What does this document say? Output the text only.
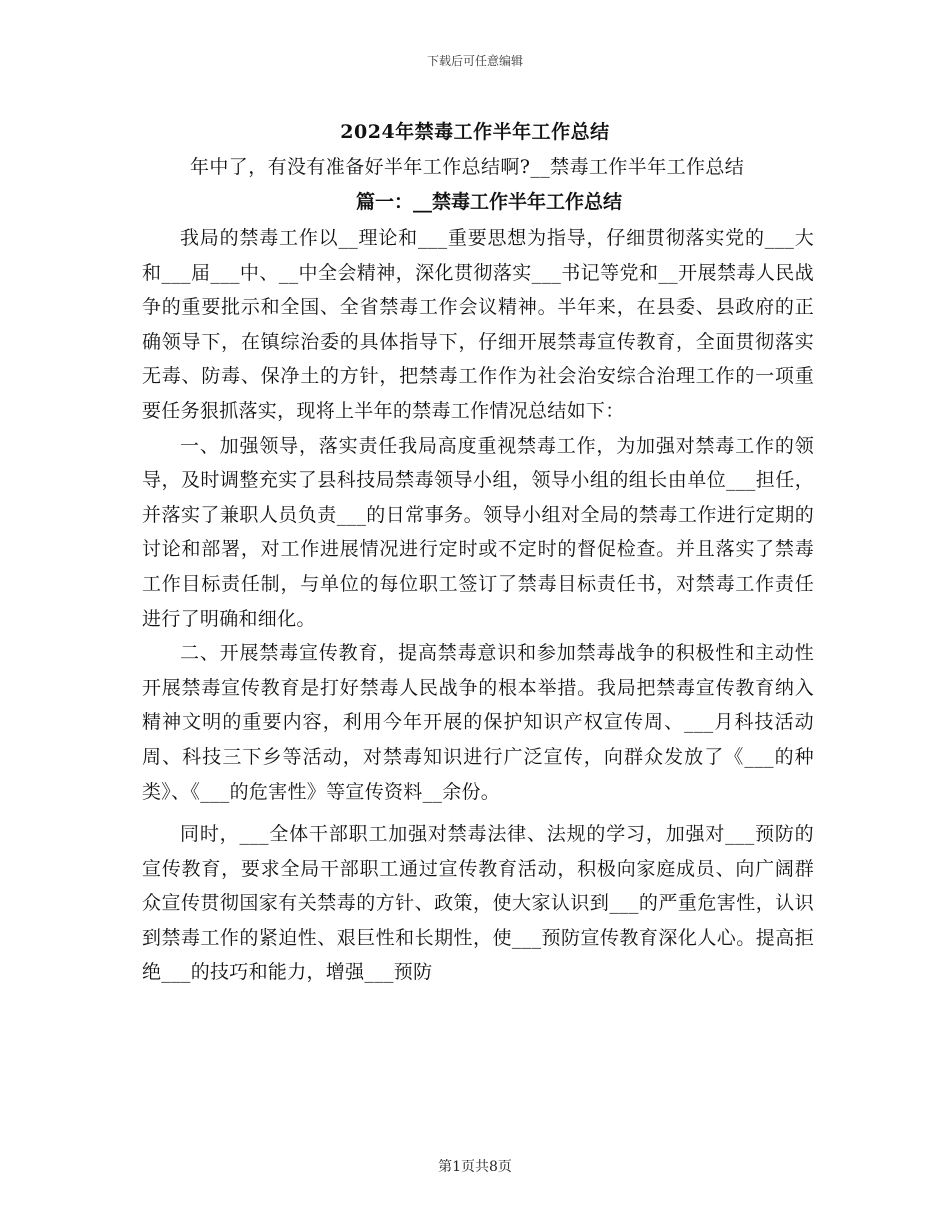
下载后可任意编辑
2024年禁毒工作半年工作总结
年中了，有没有准备好半年工作总结啊?__禁毒工作半年工作总结
篇一：__禁毒工作半年工作总结

我局的禁毒工作以__理论和___重要思想为指导，仔细贯彻落实党的___大和___届___中、__中全会精神，深化贯彻落实___书记等党和__开展禁毒人民战争的重要批示和全国、全省禁毒工作会议精神。半年来，在县委、县政府的正确领导下，在镇综治委的具体指导下，仔细开展禁毒宣传教育，全面贯彻落实无毒、防毒、保净土的方针，把禁毒工作作为社会治安综合治理工作的一项重要任务狠抓落实，现将上半年的禁毒工作情况总结如下：

一、加强领导，落实责任我局高度重视禁毒工作，为加强对禁毒工作的领导，及时调整充实了县科技局禁毒领导小组，领导小组的组长由单位___担任，并落实了兼职人员负责___的日常事务。领导小组对全局的禁毒工作进行定期的讨论和部署，对工作进展情况进行定时或不定时的督促检查。并且落实了禁毒工作目标责任制，与单位的每位职工签订了禁毒目标责任书，对禁毒工作责任进行了明确和细化。

二、开展禁毒宣传教育，提高禁毒意识和参加禁毒战争的积极性和主动性开展禁毒宣传教育是打好禁毒人民战争的根本举措。我局把禁毒宣传教育纳入精神文明的重要内容，利用今年开展的保护知识产权宣传周、___月科技活动周、科技三下乡等活动，对禁毒知识进行广泛宣传，向群众发放了《___的种类》、《___的危害性》等宣传资料__余份。

同时，___全体干部职工加强对禁毒法律、法规的学习，加强对___预防的宣传教育，要求全局干部职工通过宣传教育活动，积极向家庭成员、向广阔群众宣传贯彻国家有关禁毒的方针、政策，使大家认识到___的严重危害性，认识到禁毒工作的紧迫性、艰巨性和长期性，使___预防宣传教育深化人心。提高拒绝___的技巧和能力，增强___预防

第1页共8页
